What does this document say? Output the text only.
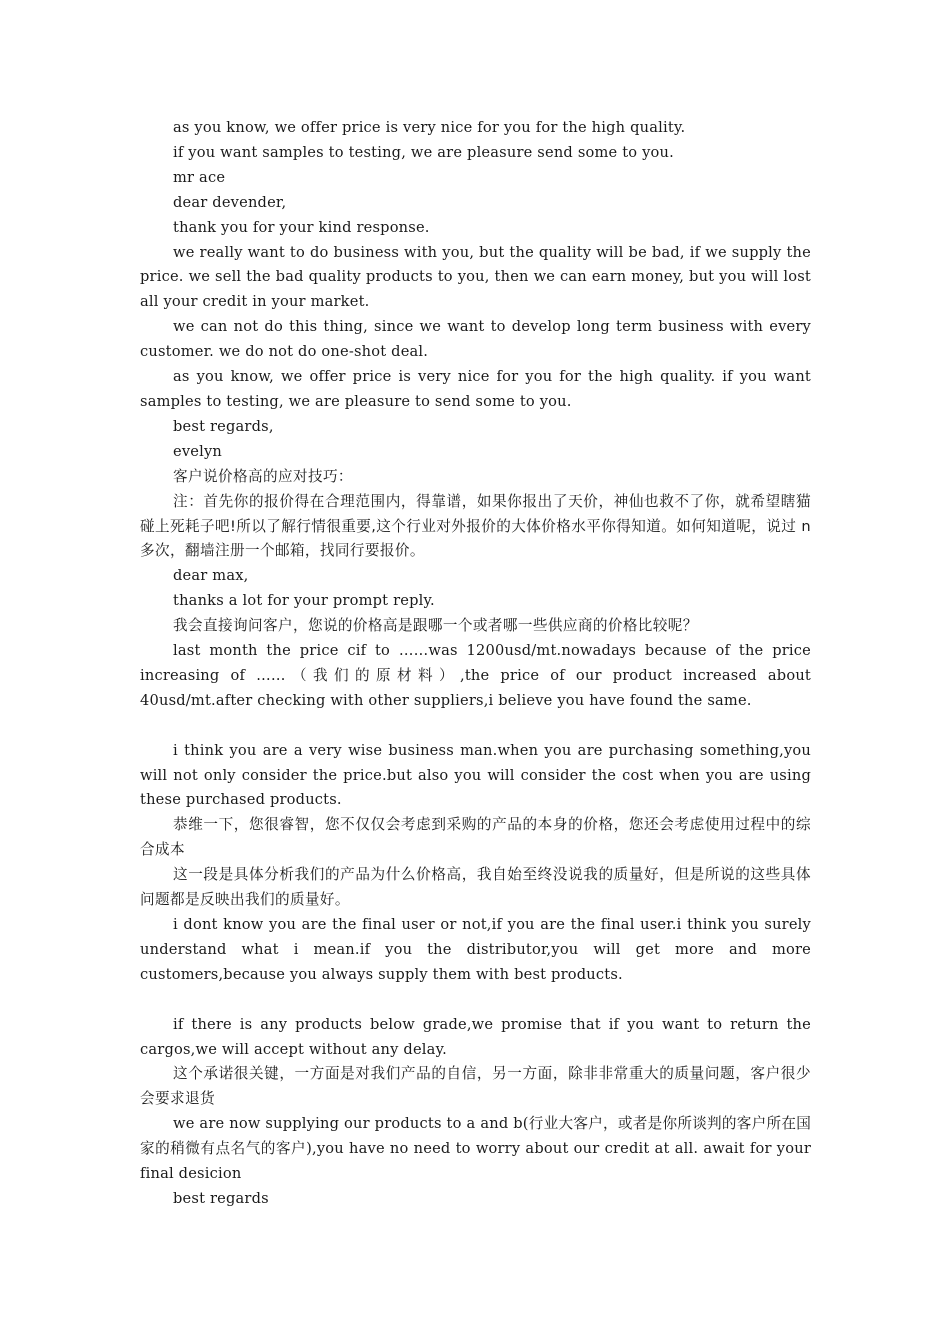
as you know, we offer price is very nice for you for the high quality.

if you want samples to testing, we are pleasure send some to you.

mr ace

dear devender,

thank you for your kind response.

we really want to do business with you, but the quality will be bad, if we supply the price. we sell the bad quality products to you, then we can earn money, but you will lost all your credit in your market.

we can not do this thing, since we want to develop long term business with every customer. we do not do one-shot deal.

as you know, we offer price is very nice for you for the high quality. if you want samples to testing, we are pleasure to send some to you.

best regards,

evelyn

客户说价格高的应对技巧：

注：首先你的报价得在合理范围内，得靠谱，如果你报出了天价，神仙也救不了你，就希望瞎猫碰上死耗子吧!所以了解行情很重要,这个行业对外报价的大体价格水平你得知道。如何知道呢，说过 n 多次，翻墙注册一个邮箱，找同行要报价。

dear max,

thanks a lot for your prompt reply.

我会直接询问客户，您说的价格高是跟哪一个或者哪一些供应商的价格比较呢？

last month the price cif to ……was 1200usd/mt.nowadays because of the price increasing of ……（我们的原材料）,the price of our product increased about 40usd/mt.after checking with other suppliers,i believe you have found the same.

i think you are a very wise business man.when you are purchasing something,you will not only consider the price.but also you will consider the cost when you are using these purchased products.

恭维一下，您很睿智，您不仅仅会考虑到采购的产品的本身的价格，您还会考虑使用过程中的综合成本

这一段是具体分析我们的产品为什么价格高，我自始至终没说我的质量好，但是所说的这些具体问题都是反映出我们的质量好。

i dont know you are the final user or not,if you are the final user.i think you surely understand what i mean.if you the distributor,you will get more and more customers,because you always supply them with best products.

if there is any products below grade,we promise that if you want to return the cargos,we will accept without any delay.

这个承诺很关键，一方面是对我们产品的自信，另一方面，除非非常重大的质量问题，客户很少会要求退货

we are now supplying our products to a and b(行业大客户，或者是你所谈判的客户所在国家的稍微有点名气的客户),you have no need to worry about our credit at all. await for your final desicion

best regards
